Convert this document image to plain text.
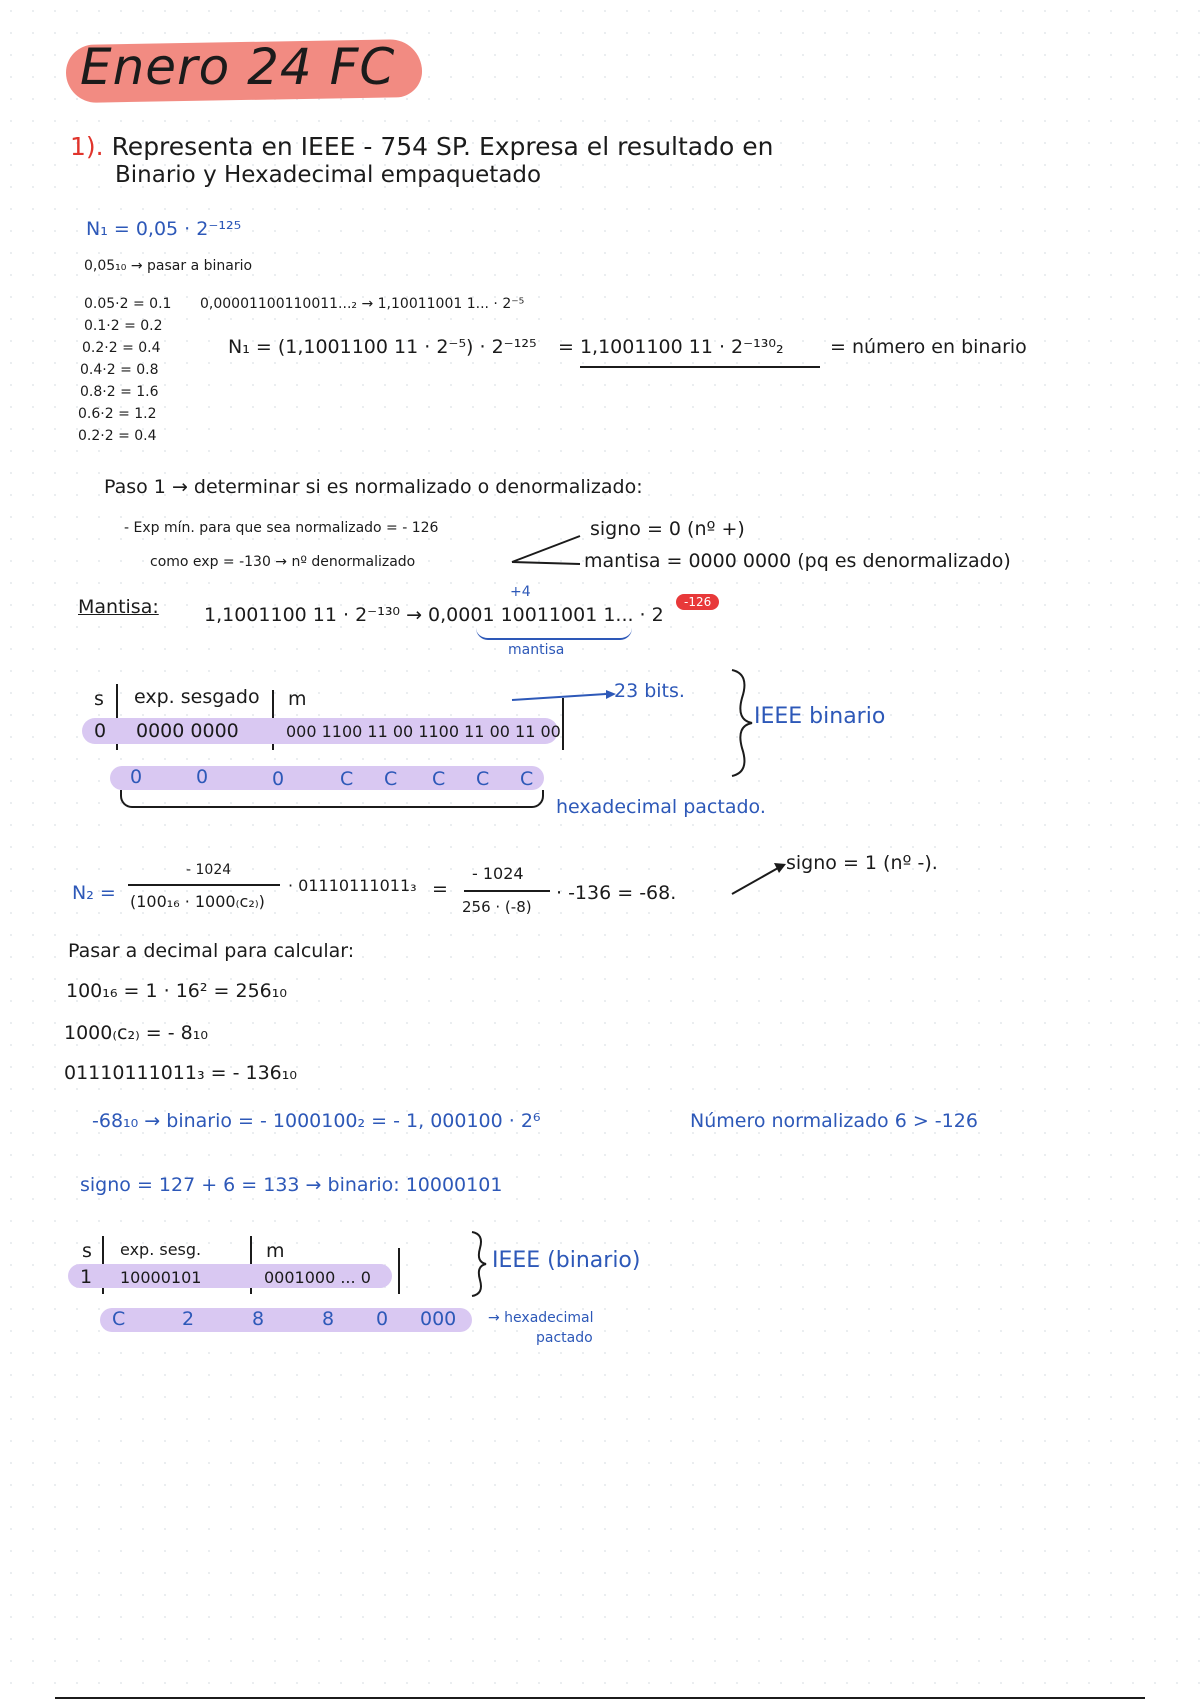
Enero 24 FC
1). Representa en IEEE - 754 SP. Expresa el resultado en
Binario y Hexadecimal empaquetado
N₁ = 0,05 · 2⁻¹²⁵
0,05₁₀ → pasar a binario
0.05·2 = 0.1
0.1·2 = 0.2
0.2·2 = 0.4
0.4·2 = 0.8
0.8·2 = 1.6
0.6·2 = 1.2
0.2·2 = 0.4
0,00001100110011...₂ → 1,10011001 1... · 2⁻⁵
N₁ = (1,1001100 11 · 2⁻⁵) · 2⁻¹²⁵ = 1,1001100 11 · 2⁻¹³⁰₂ = número en binario
Paso 1 → determinar si es normalizado o denormalizado:
- Exp mín. para que sea normalizado = - 126
como exp = -130 → nº denormalizado
signo = 0 (nº +)
mantisa = 0000 0000 (pq es denormalizado)
Mantisa:
+4
1,1001100 11 · 2⁻¹³⁰ → 0,0001 10011001 1... · 2
-126
mantisa
s exp. sesgado m
0 0000 0000	000 1100 11 00 1100 11 00 11 00
23 bits.
IEEE binario
0	0	0	C C C C C
hexadecimal pactado.
N₂ =
- 1024
(100₁₆ · 1000₍c₂₎)
· 01110111011₃ =
- 1024
256 · (-8)
· -136 = -68.
signo = 1 (nº -).
Pasar a decimal para calcular:
100₁₆ = 1 · 16² = 256₁₀
1000₍c₂₎ = - 8₁₀
01110111011₃ = - 136₁₀
-68₁₀ → binario = - 1000100₂ = - 1, 000100 · 2⁶	Número normalizado 6 > -126
signo = 127 + 6 = 133 → binario: 10000101
s exp. sesg.	m
1 10000101	0001000 ... 0
IEEE (binario)
C	2	8	8 0 000 → hexadecimal
pactado
